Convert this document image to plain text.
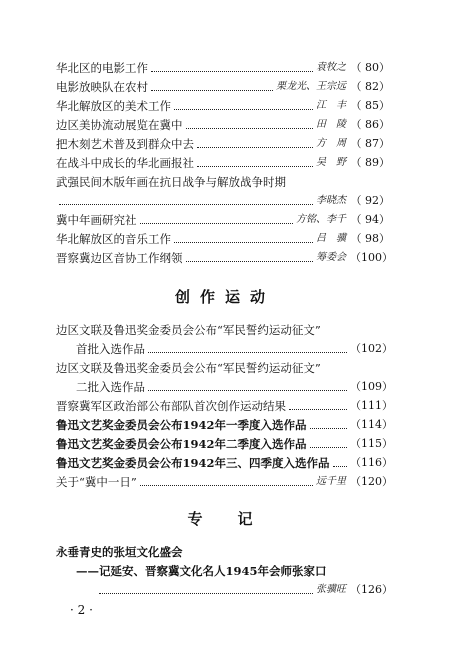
华北区的电影工作	袁牧之 （ 80）
电影放映队在农村	栗龙光、王宗远 （ 82）
华北解放区的美术工作	江　丰 （ 85）
边区美协流动展览在冀中	田　陵 （ 86）
把木刻艺术普及到群众中去	方　周 （ 87）
在战斗中成长的华北画报社	吴　野 （ 89）
武强民间木版年画在抗日战争与解放战争时期
李晓杰 （ 92）
冀中年画研究社	方铭、李千 （ 94）
华北解放区的音乐工作	吕　骥 （ 98）
晋察冀边区音协工作纲领	筹委会 （100）
创作运动
边区文联及鲁迅奖金委员会公布“军民誓约运动征文”
首批入选作品	（102）
边区文联及鲁迅奖金委员会公布“军民誓约运动征文”
二批入选作品	（109）
晋察冀军区政治部公布部队首次创作运动结果	（111）
鲁迅文艺奖金委员会公布1942年一季度入选作品	（114）
鲁迅文艺奖金委员会公布1942年二季度入选作品	（115）
鲁迅文艺奖金委员会公布1942年三、四季度入选作品 （116）
关于“冀中一日”	远千里 （120）
专　记
永垂青史的张垣文化盛会
——记延安、晋察冀文化名人1945年会师张家口
张骥旺 （126）
· 2 ·
